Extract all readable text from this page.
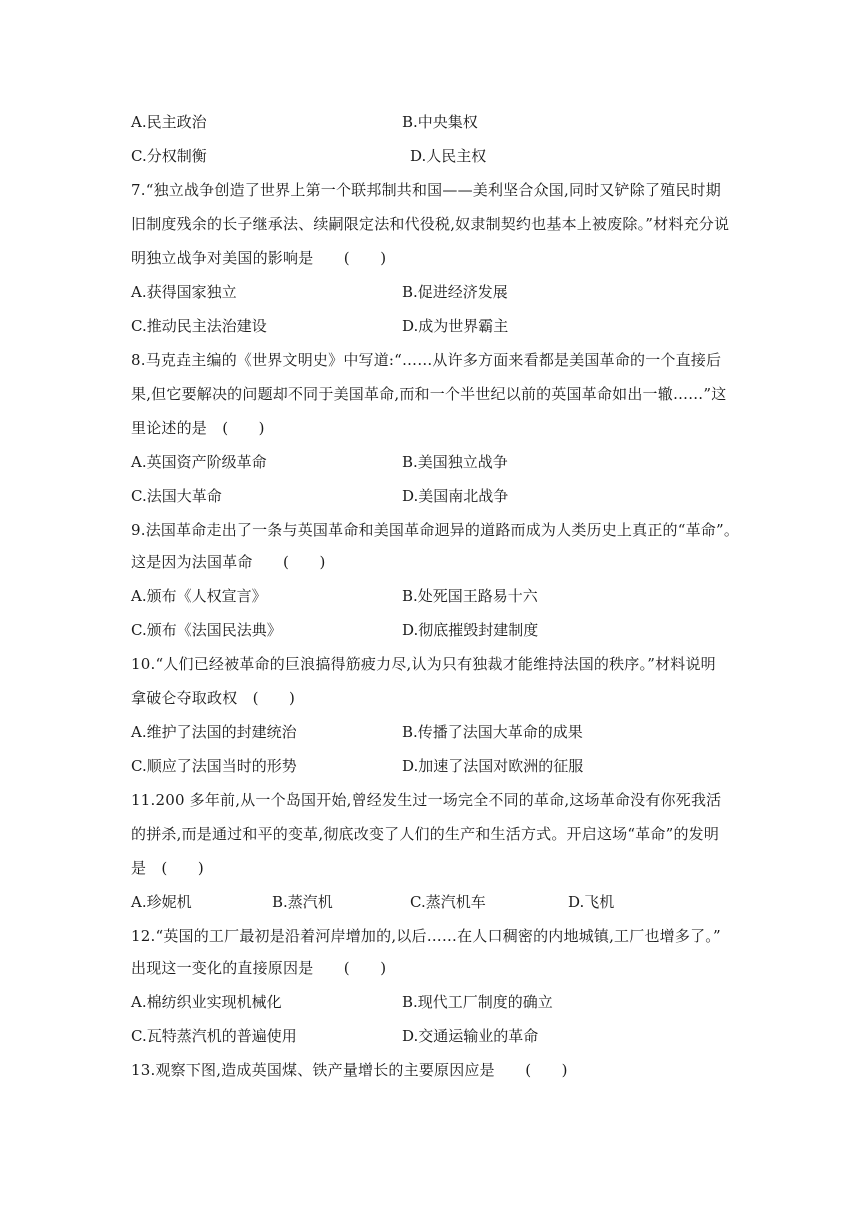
A.民主政治	B.中央集权
C.分权制衡	D.人民主权
7.“独立战争创造了世界上第一个联邦制共和国——美利坚合众国,同时又铲除了殖民时期
旧制度残余的长子继承法、续嗣限定法和代役税,奴隶制契约也基本上被废除。”材料充分说
明独立战争对美国的影响是　　(　　)
A.获得国家独立	B.促进经济发展
C.推动民主法治建设	D.成为世界霸主
8.马克垚主编的《世界文明史》中写道:“……从许多方面来看都是美国革命的一个直接后
果,但它要解决的问题却不同于美国革命,而和一个半世纪以前的英国革命如出一辙……”这
里论述的是　(　　)
A.英国资产阶级革命	B.美国独立战争
C.法国大革命	D.美国南北战争
9.法国革命走出了一条与英国革命和美国革命迥异的道路而成为人类历史上真正的“革命”。
这是因为法国革命　　(　　)
A.颁布《人权宣言》	B.处死国王路易十六
C.颁布《法国民法典》	D.彻底摧毁封建制度
10.“人们已经被革命的巨浪搞得筋疲力尽,认为只有独裁才能维持法国的秩序。”材料说明
拿破仑夺取政权　(　　)
A.维护了法国的封建统治	B.传播了法国大革命的成果
C.顺应了法国当时的形势	D.加速了法国对欧洲的征服
11.200 多年前,从一个岛国开始,曾经发生过一场完全不同的革命,这场革命没有你死我活
的拼杀,而是通过和平的变革,彻底改变了人们的生产和生活方式。开启这场“革命”的发明
是　(　　)
A.珍妮机	B.蒸汽机	C.蒸汽机车	D.飞机
12.“英国的工厂最初是沿着河岸增加的,以后……在人口稠密的内地城镇,工厂也增多了。”
出现这一变化的直接原因是　　(　　)
A.棉纺织业实现机械化	B.现代工厂制度的确立
C.瓦特蒸汽机的普遍使用	D.交通运输业的革命
13.观察下图,造成英国煤、铁产量增长的主要原因应是　　(　　)
